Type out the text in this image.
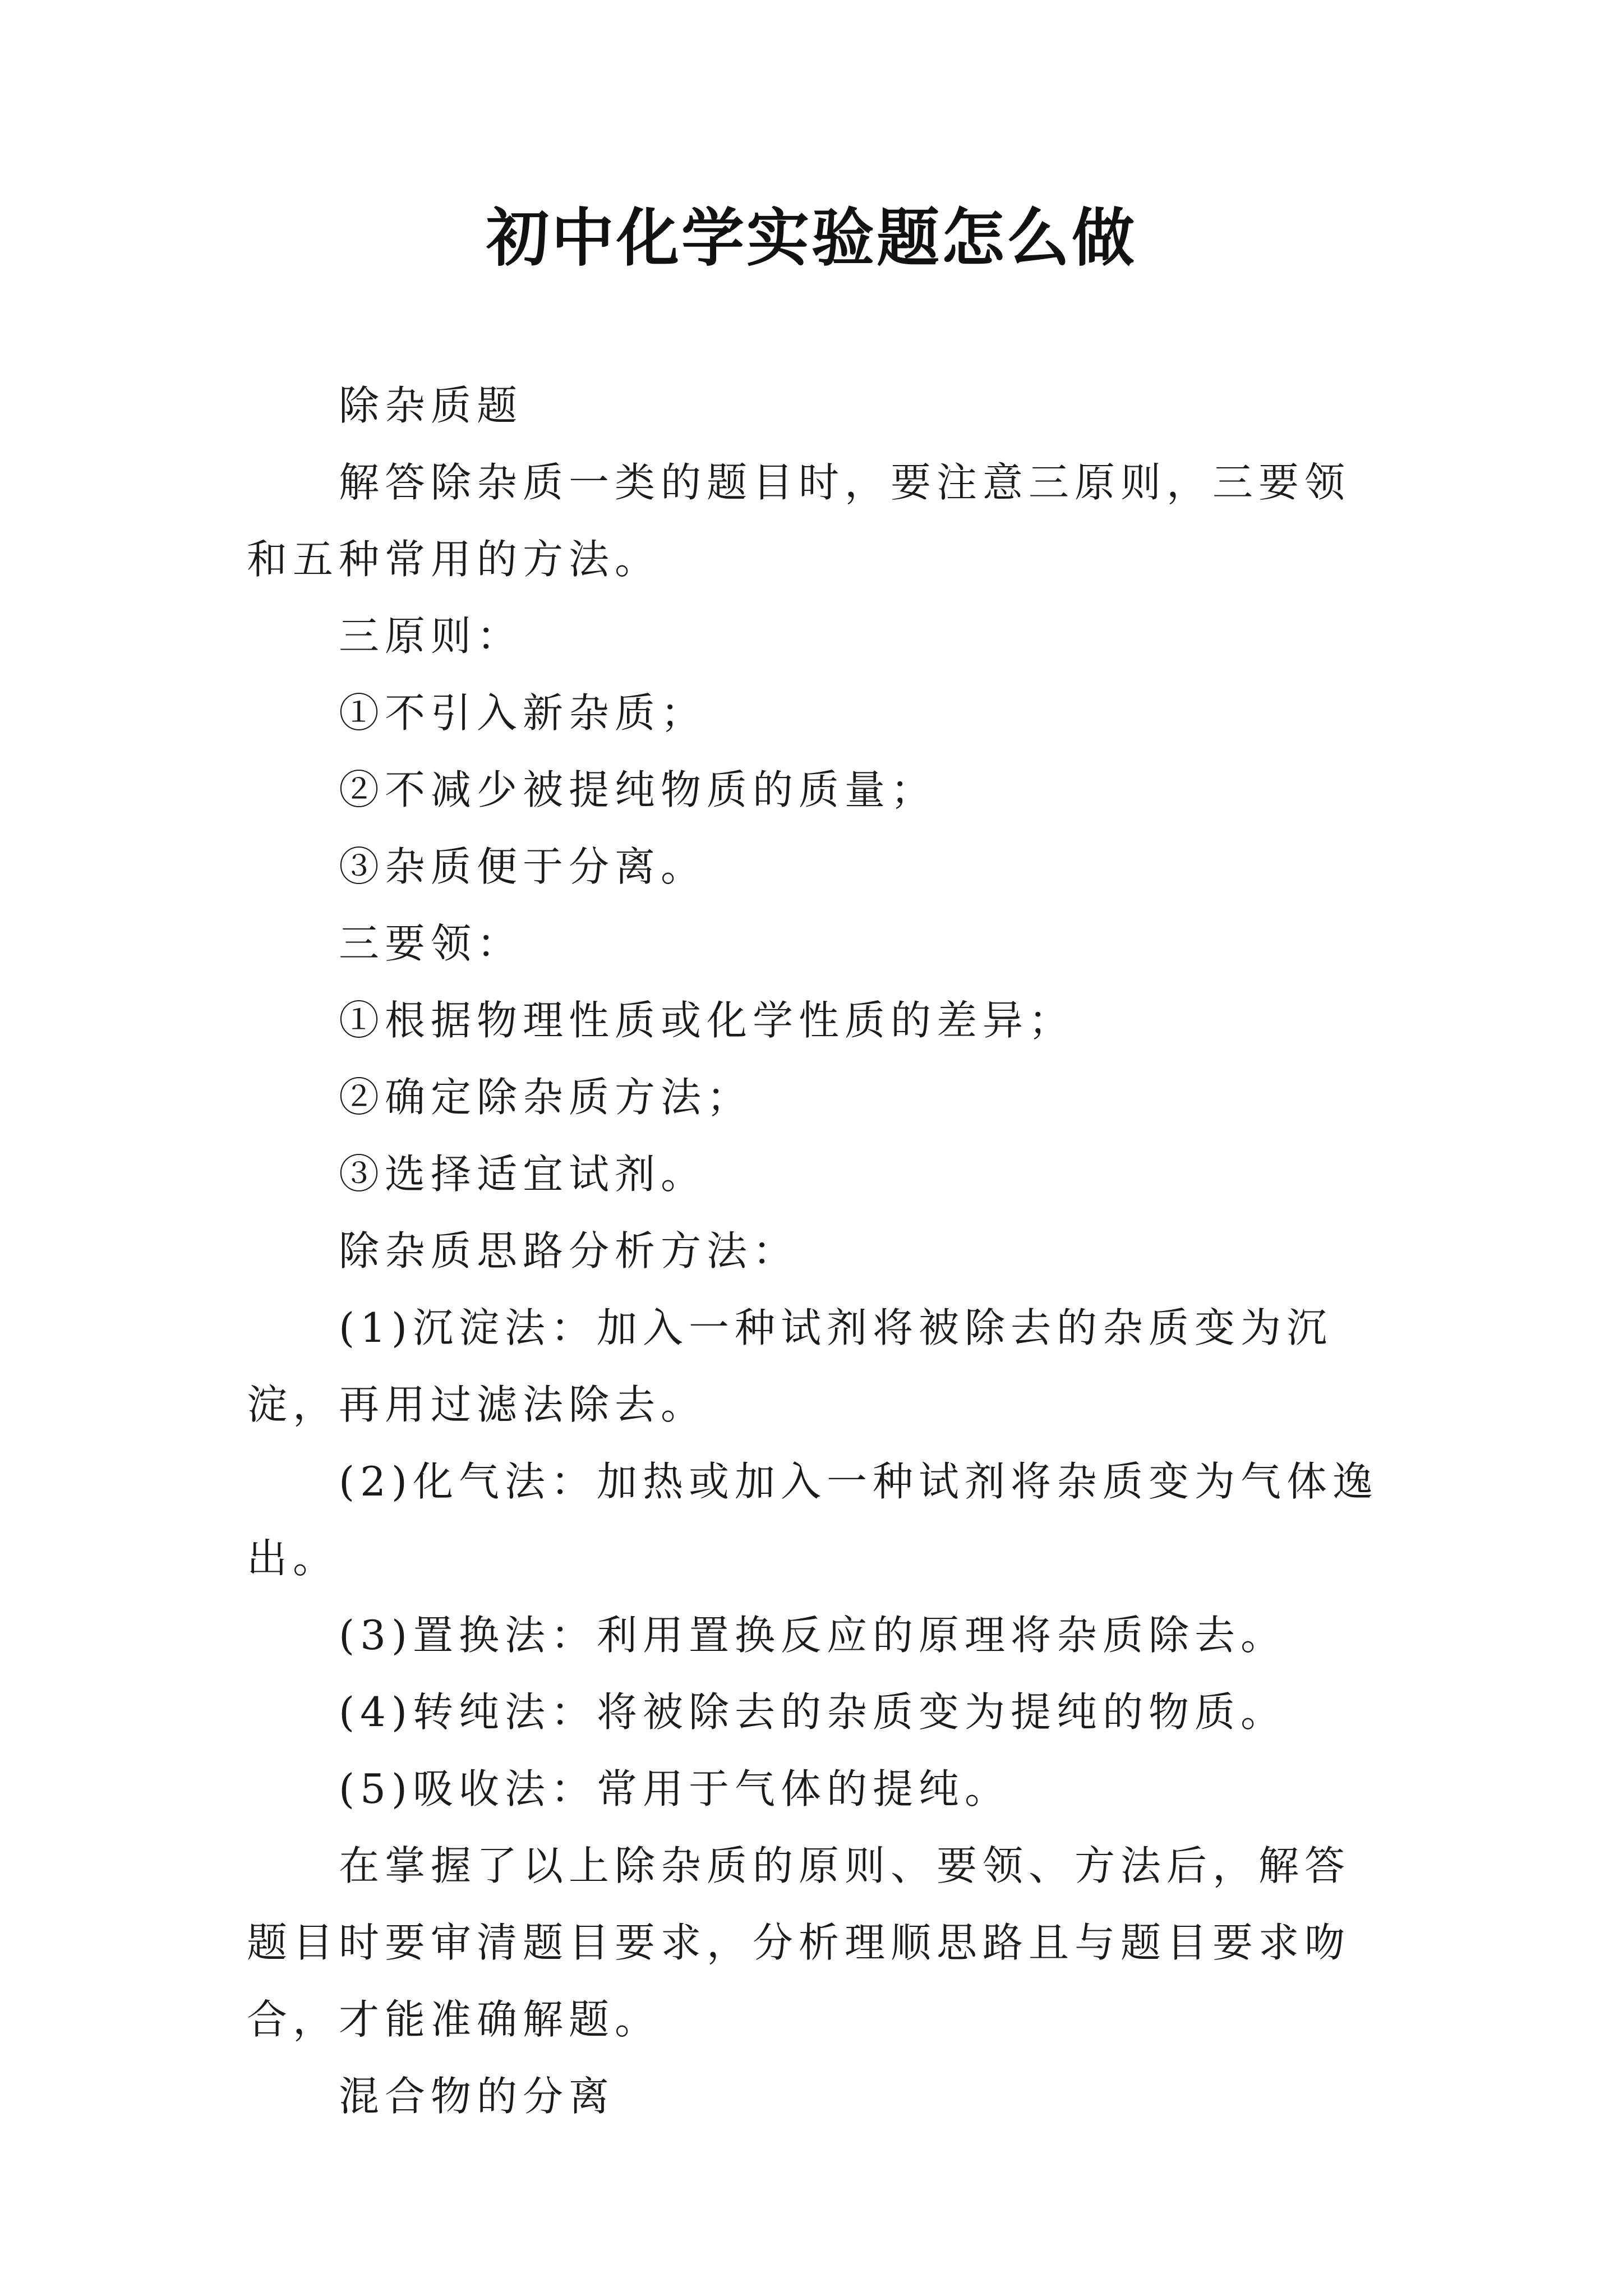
初中化学实验题怎么做

除杂质题

解答除杂质一类的题目时，要注意三原则，三要领和五种常用的方法。

三原则：

①不引入新杂质；

②不减少被提纯物质的质量；

③杂质便于分离。

三要领：

①根据物理性质或化学性质的差异；

②确定除杂质方法；

③选择适宜试剂。

除杂质思路分析方法：

(1)沉淀法：加入一种试剂将被除去的杂质变为沉淀，再用过滤法除去。

(2)化气法：加热或加入一种试剂将杂质变为气体逸出。

(3)置换法：利用置换反应的原理将杂质除去。

(4)转纯法：将被除去的杂质变为提纯的物质。

(5)吸收法：常用于气体的提纯。

在掌握了以上除杂质的原则、要领、方法后，解答题目时要审清题目要求，分析理顺思路且与题目要求吻合，才能准确解题。

混合物的分离
